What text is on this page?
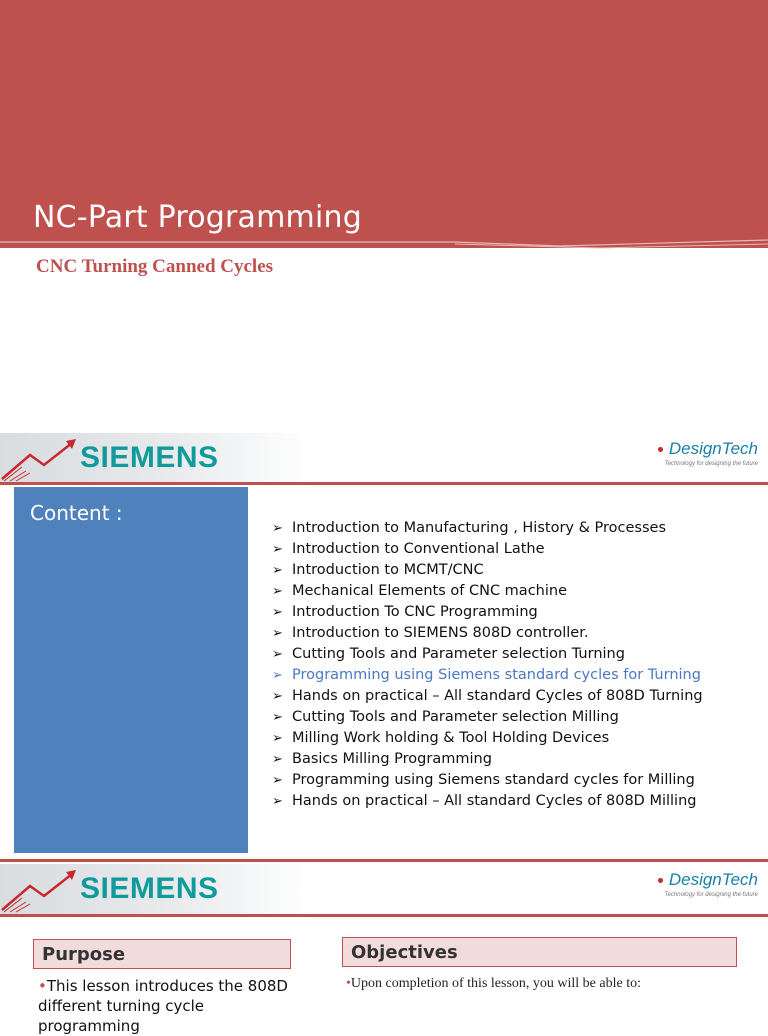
NC-Part Programming
CNC Turning Canned Cycles
SIEMENS	DesignTech
Technology for designing the future
Content :
➢ Introduction to Manufacturing , History & Processes
➢ Introduction to Conventional Lathe
➢ Introduction to MCMT/CNC
➢ Mechanical Elements of CNC machine
➢ Introduction To CNC Programming
➢ Introduction to SIEMENS 808D controller.
➢ Cutting Tools and Parameter selection Turning
➢ Programming using Siemens standard cycles for Turning
➢ Hands on practical – All standard Cycles of 808D Turning
➢ Cutting Tools and Parameter selection Milling
➢ Milling Work holding & Tool Holding Devices
➢ Basics Milling Programming
➢ Programming using Siemens standard cycles for Milling
➢ Hands on practical – All standard Cycles of 808D Milling
SIEMENS	DesignTech
Technology for designing the future
Purpose	Objectives
•This lesson introduces the 808D different turning cycle programming
•Upon completion of this lesson, you will be able to:
